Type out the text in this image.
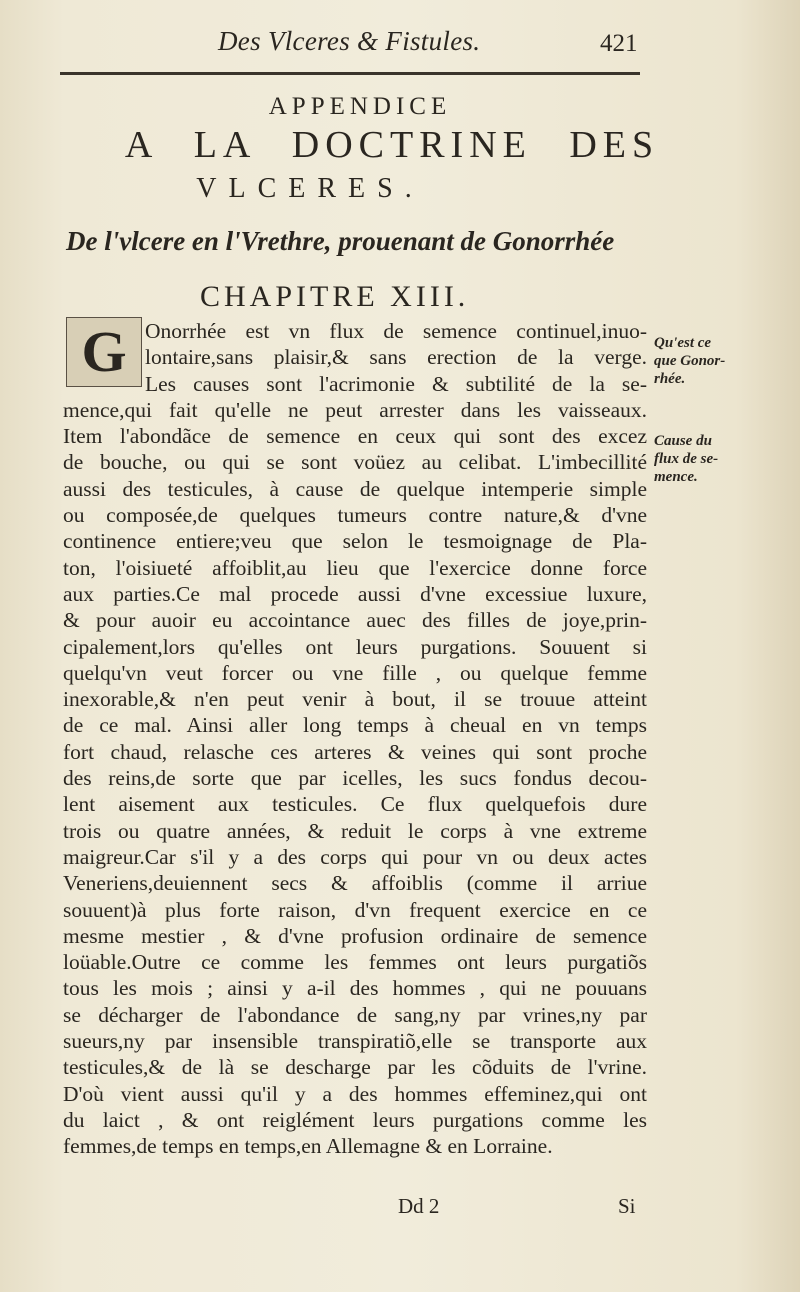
Des Vlceres & Fistules.	421
APPENDICE
A LA DOCTRINE DES
VLCERES.
De l'vlcere en l'Vrethre, prouenant de Gonorrhée
CHAPITRE XIII.
G Onorrhée est vn flux de semence continuel,inuo-
lontaire,sans plaisir,& sans erection de la verge.
Les causes sont l'acrimonie & subtilité de la se-
mence,qui fait qu'elle ne peut arrester dans les vaisseaux.
Item l'abondãce de semence en ceux qui sont des excez
de bouche, ou qui se sont voüez au celibat. L'imbecillité
aussi des testicules, à cause de quelque intemperie simple
ou composée,de quelques tumeurs contre nature,& d'vne
continence entiere;veu que selon le tesmoignage de Pla-
ton, l'oisiueté affoiblit,au lieu que l'exercice donne force
aux parties.Ce mal procede aussi d'vne excessiue luxure,
& pour auoir eu accointance auec des filles de joye,prin-
cipalement,lors qu'elles ont leurs purgations. Souuent si
quelqu'vn veut forcer ou vne fille , ou quelque femme
inexorable,& n'en peut venir à bout, il se trouue atteint
de ce mal. Ainsi aller long temps à cheual en vn temps
fort chaud, relasche ces arteres & veines qui sont proche
des reins,de sorte que par icelles, les sucs fondus decou-
lent aisement aux testicules. Ce flux quelquefois dure
trois ou quatre années, & reduit le corps à vne extreme
maigreur.Car s'il y a des corps qui pour vn ou deux actes
Veneriens,deuiennent secs & affoiblis (comme il arriue
souuent)à plus forte raison, d'vn frequent exercice en ce
mesme mestier , & d'vne profusion ordinaire de semence
loüable.Outre ce comme les femmes ont leurs purgatiõs
tous les mois ; ainsi y a-il des hommes , qui ne pouuans
se décharger de l'abondance de sang,ny par vrines,ny par
sueurs,ny par insensible transpiratiõ,elle se transporte aux
testicules,& de là se descharge par les cõduits de l'vrine.
D'où vient aussi qu'il y a des hommes effeminez,qui ont
du laict , & ont reiglément leurs purgations comme les
femmes,de temps en temps,en Allemagne & en Lorraine.
Qu'est ce
que Gonor-
rhée.
Cause du
flux de se-
mence.
Dd 2	Si
